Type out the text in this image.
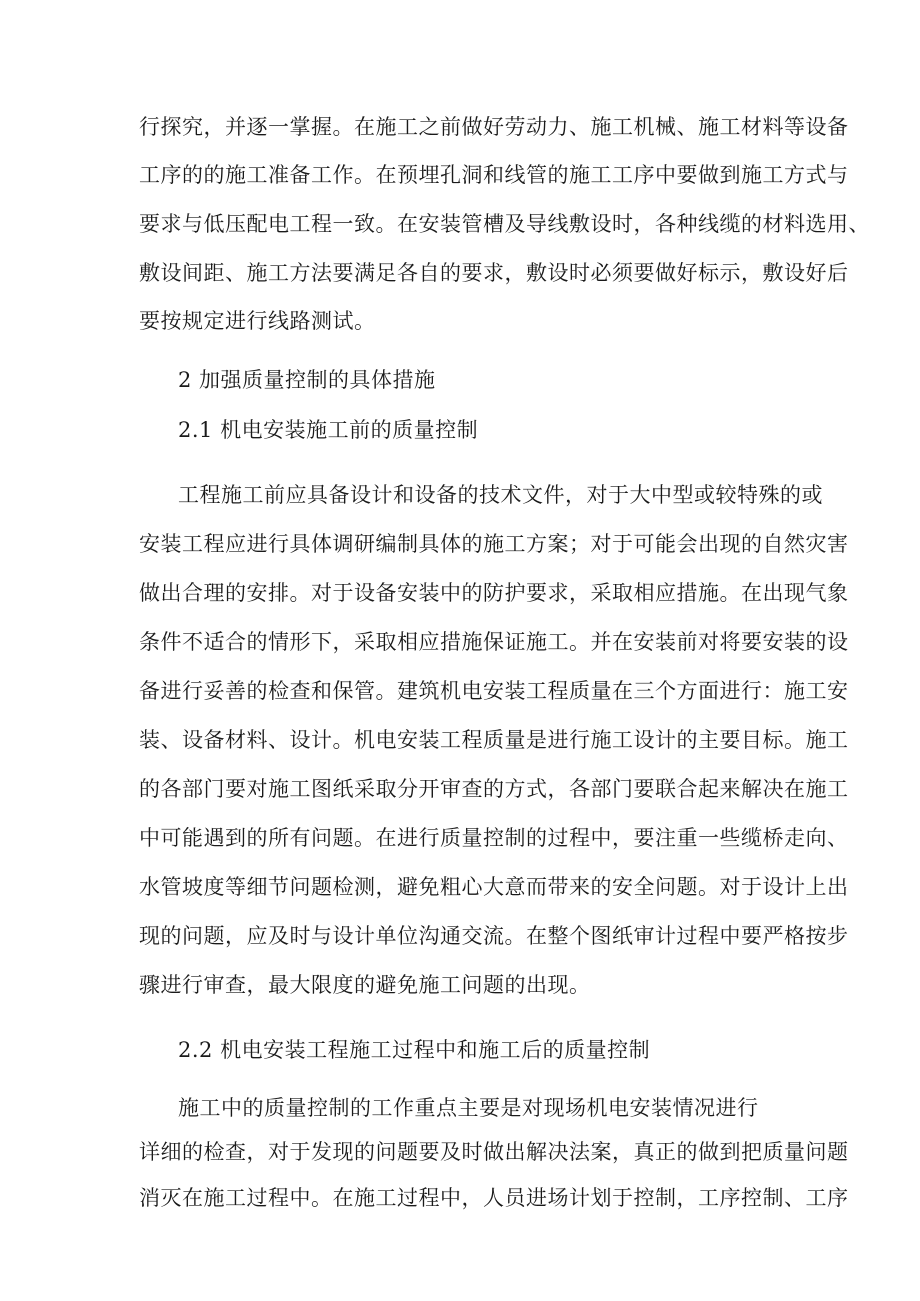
行探究，并逐一掌握。在施工之前做好劳动力、施工机械、施工材料等设备
工序的的施工准备工作。在预埋孔洞和线管的施工工序中要做到施工方式与
要求与低压配电工程一致。在安装管槽及导线敷设时，各种线缆的材料选用、
敷设间距、施工方法要满足各自的要求，敷设时必须要做好标示，敷设好后
要按规定进行线路测试。
2 加强质量控制的具体措施
2.1 机电安装施工前的质量控制
工程施工前应具备设计和设备的技术文件，对于大中型或较特殊的或
安装工程应进行具体调研编制具体的施工方案；对于可能会出现的自然灾害
做出合理的安排。对于设备安装中的防护要求，采取相应措施。在出现气象
条件不适合的情形下，采取相应措施保证施工。并在安装前对将要安装的设
备进行妥善的检查和保管。建筑机电安装工程质量在三个方面进行：施工安
装、设备材料、设计。机电安装工程质量是进行施工设计的主要目标。施工
的各部门要对施工图纸采取分开审查的方式，各部门要联合起来解决在施工
中可能遇到的所有问题。在进行质量控制的过程中，要注重一些缆桥走向、
水管坡度等细节问题检测，避免粗心大意而带来的安全问题。对于设计上出
现的问题，应及时与设计单位沟通交流。在整个图纸审计过程中要严格按步
骤进行审查，最大限度的避免施工问题的出现。
2.2 机电安装工程施工过程中和施工后的质量控制
施工中的质量控制的工作重点主要是对现场机电安装情况进行
详细的检查，对于发现的问题要及时做出解决法案，真正的做到把质量问题
消灭在施工过程中。在施工过程中，人员进场计划于控制，工序控制、工序
